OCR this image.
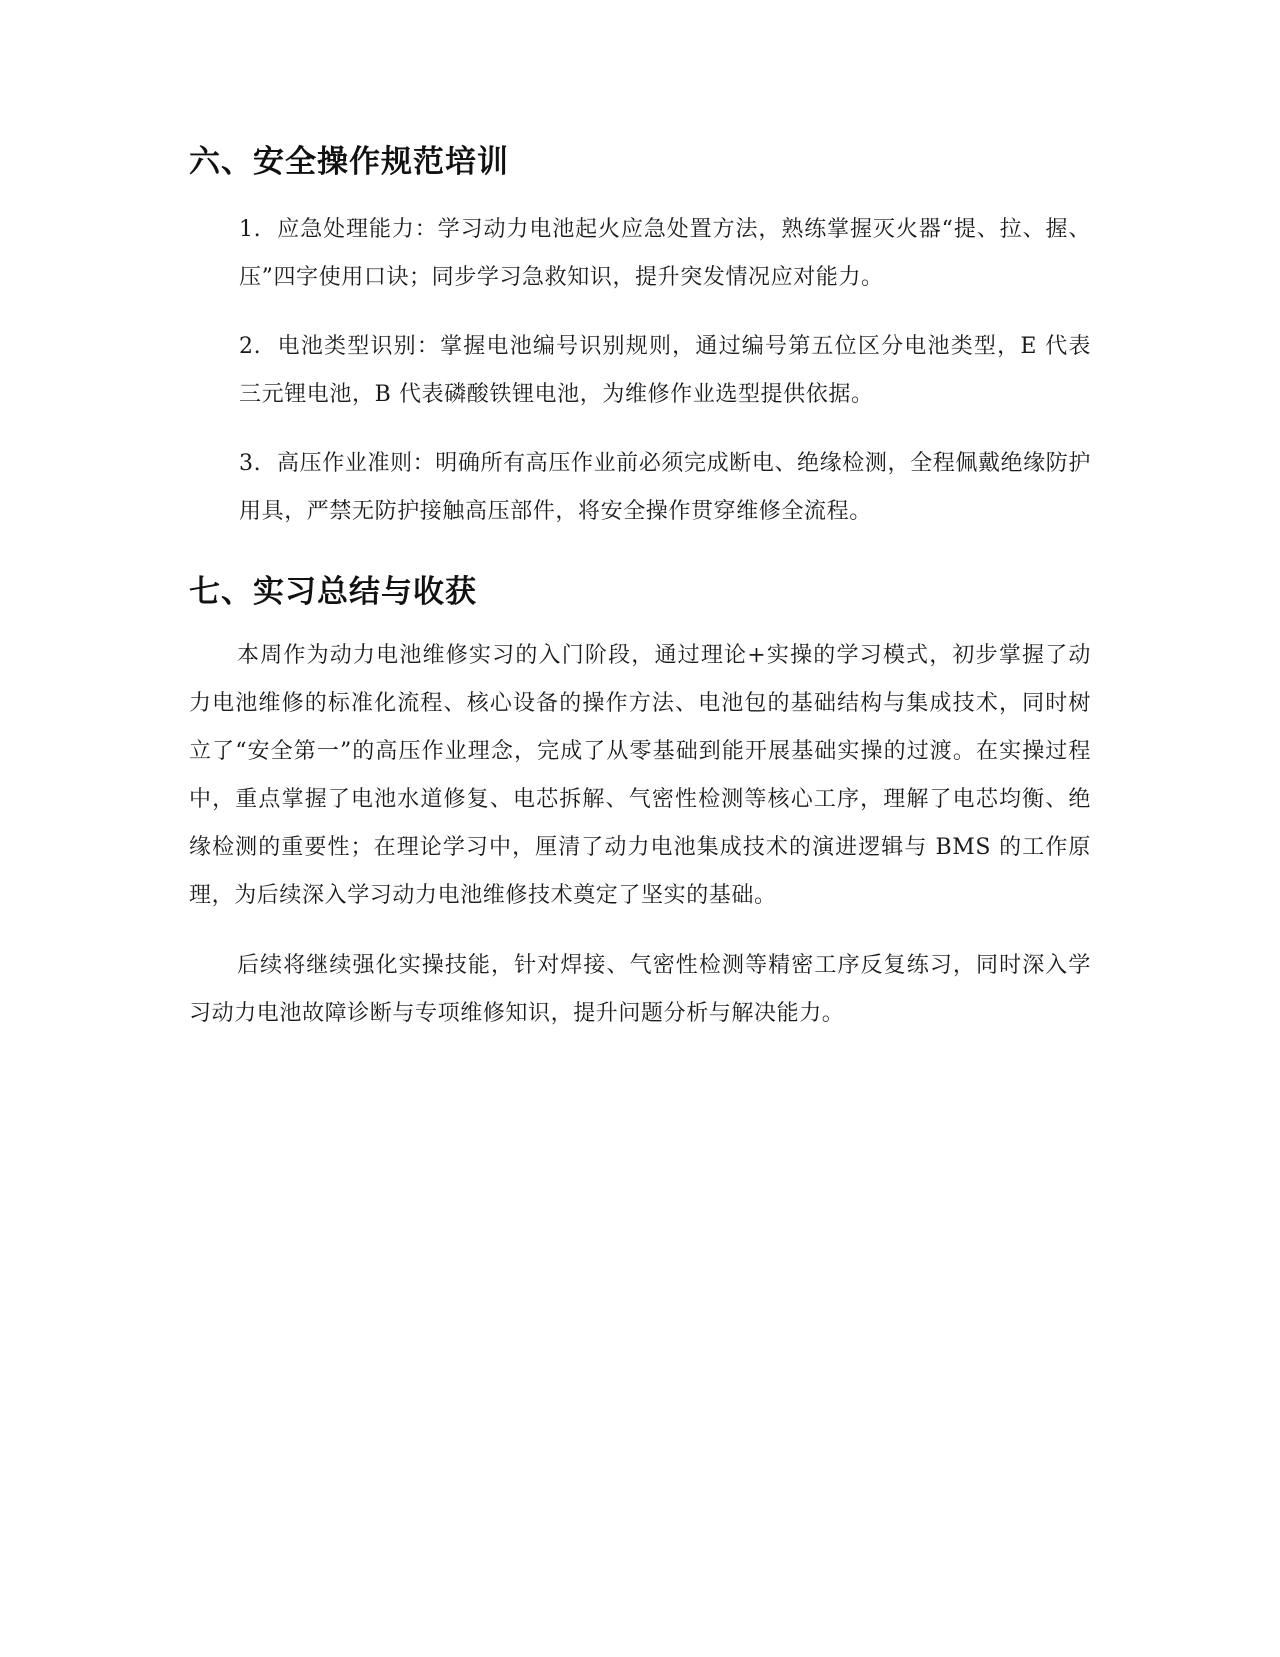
六、安全操作规范培训
1. 应急处理能力：学习动力电池起火应急处置方法，熟练掌握灭火器“提、拉、握、压”四字使用口诀；同步学习急救知识，提升突发情况应对能力。
2. 电池类型识别：掌握电池编号识别规则，通过编号第五位区分电池类型，E 代表三元锂电池，B 代表磷酸铁锂电池，为维修作业选型提供依据。
3. 高压作业准则：明确所有高压作业前必须完成断电、绝缘检测，全程佩戴绝缘防护用具，严禁无防护接触高压部件，将安全操作贯穿维修全流程。
七、实习总结与收获

本周作为动力电池维修实习的入门阶段，通过理论+实操的学习模式，初步掌握了动力电池维修的标准化流程、核心设备的操作方法、电池包的基础结构与集成技术，同时树立了“安全第一”的高压作业理念，完成了从零基础到能开展基础实操的过渡。在实操过程中，重点掌握了电池水道修复、电芯拆解、气密性检测等核心工序，理解了电芯均衡、绝缘检测的重要性；在理论学习中，厘清了动力电池集成技术的演进逻辑与 BMS 的工作原理，为后续深入学习动力电池维修技术奠定了坚实的基础。

后续将继续强化实操技能，针对焊接、气密性检测等精密工序反复练习，同时深入学习动力电池故障诊断与专项维修知识，提升问题分析与解决能力。
